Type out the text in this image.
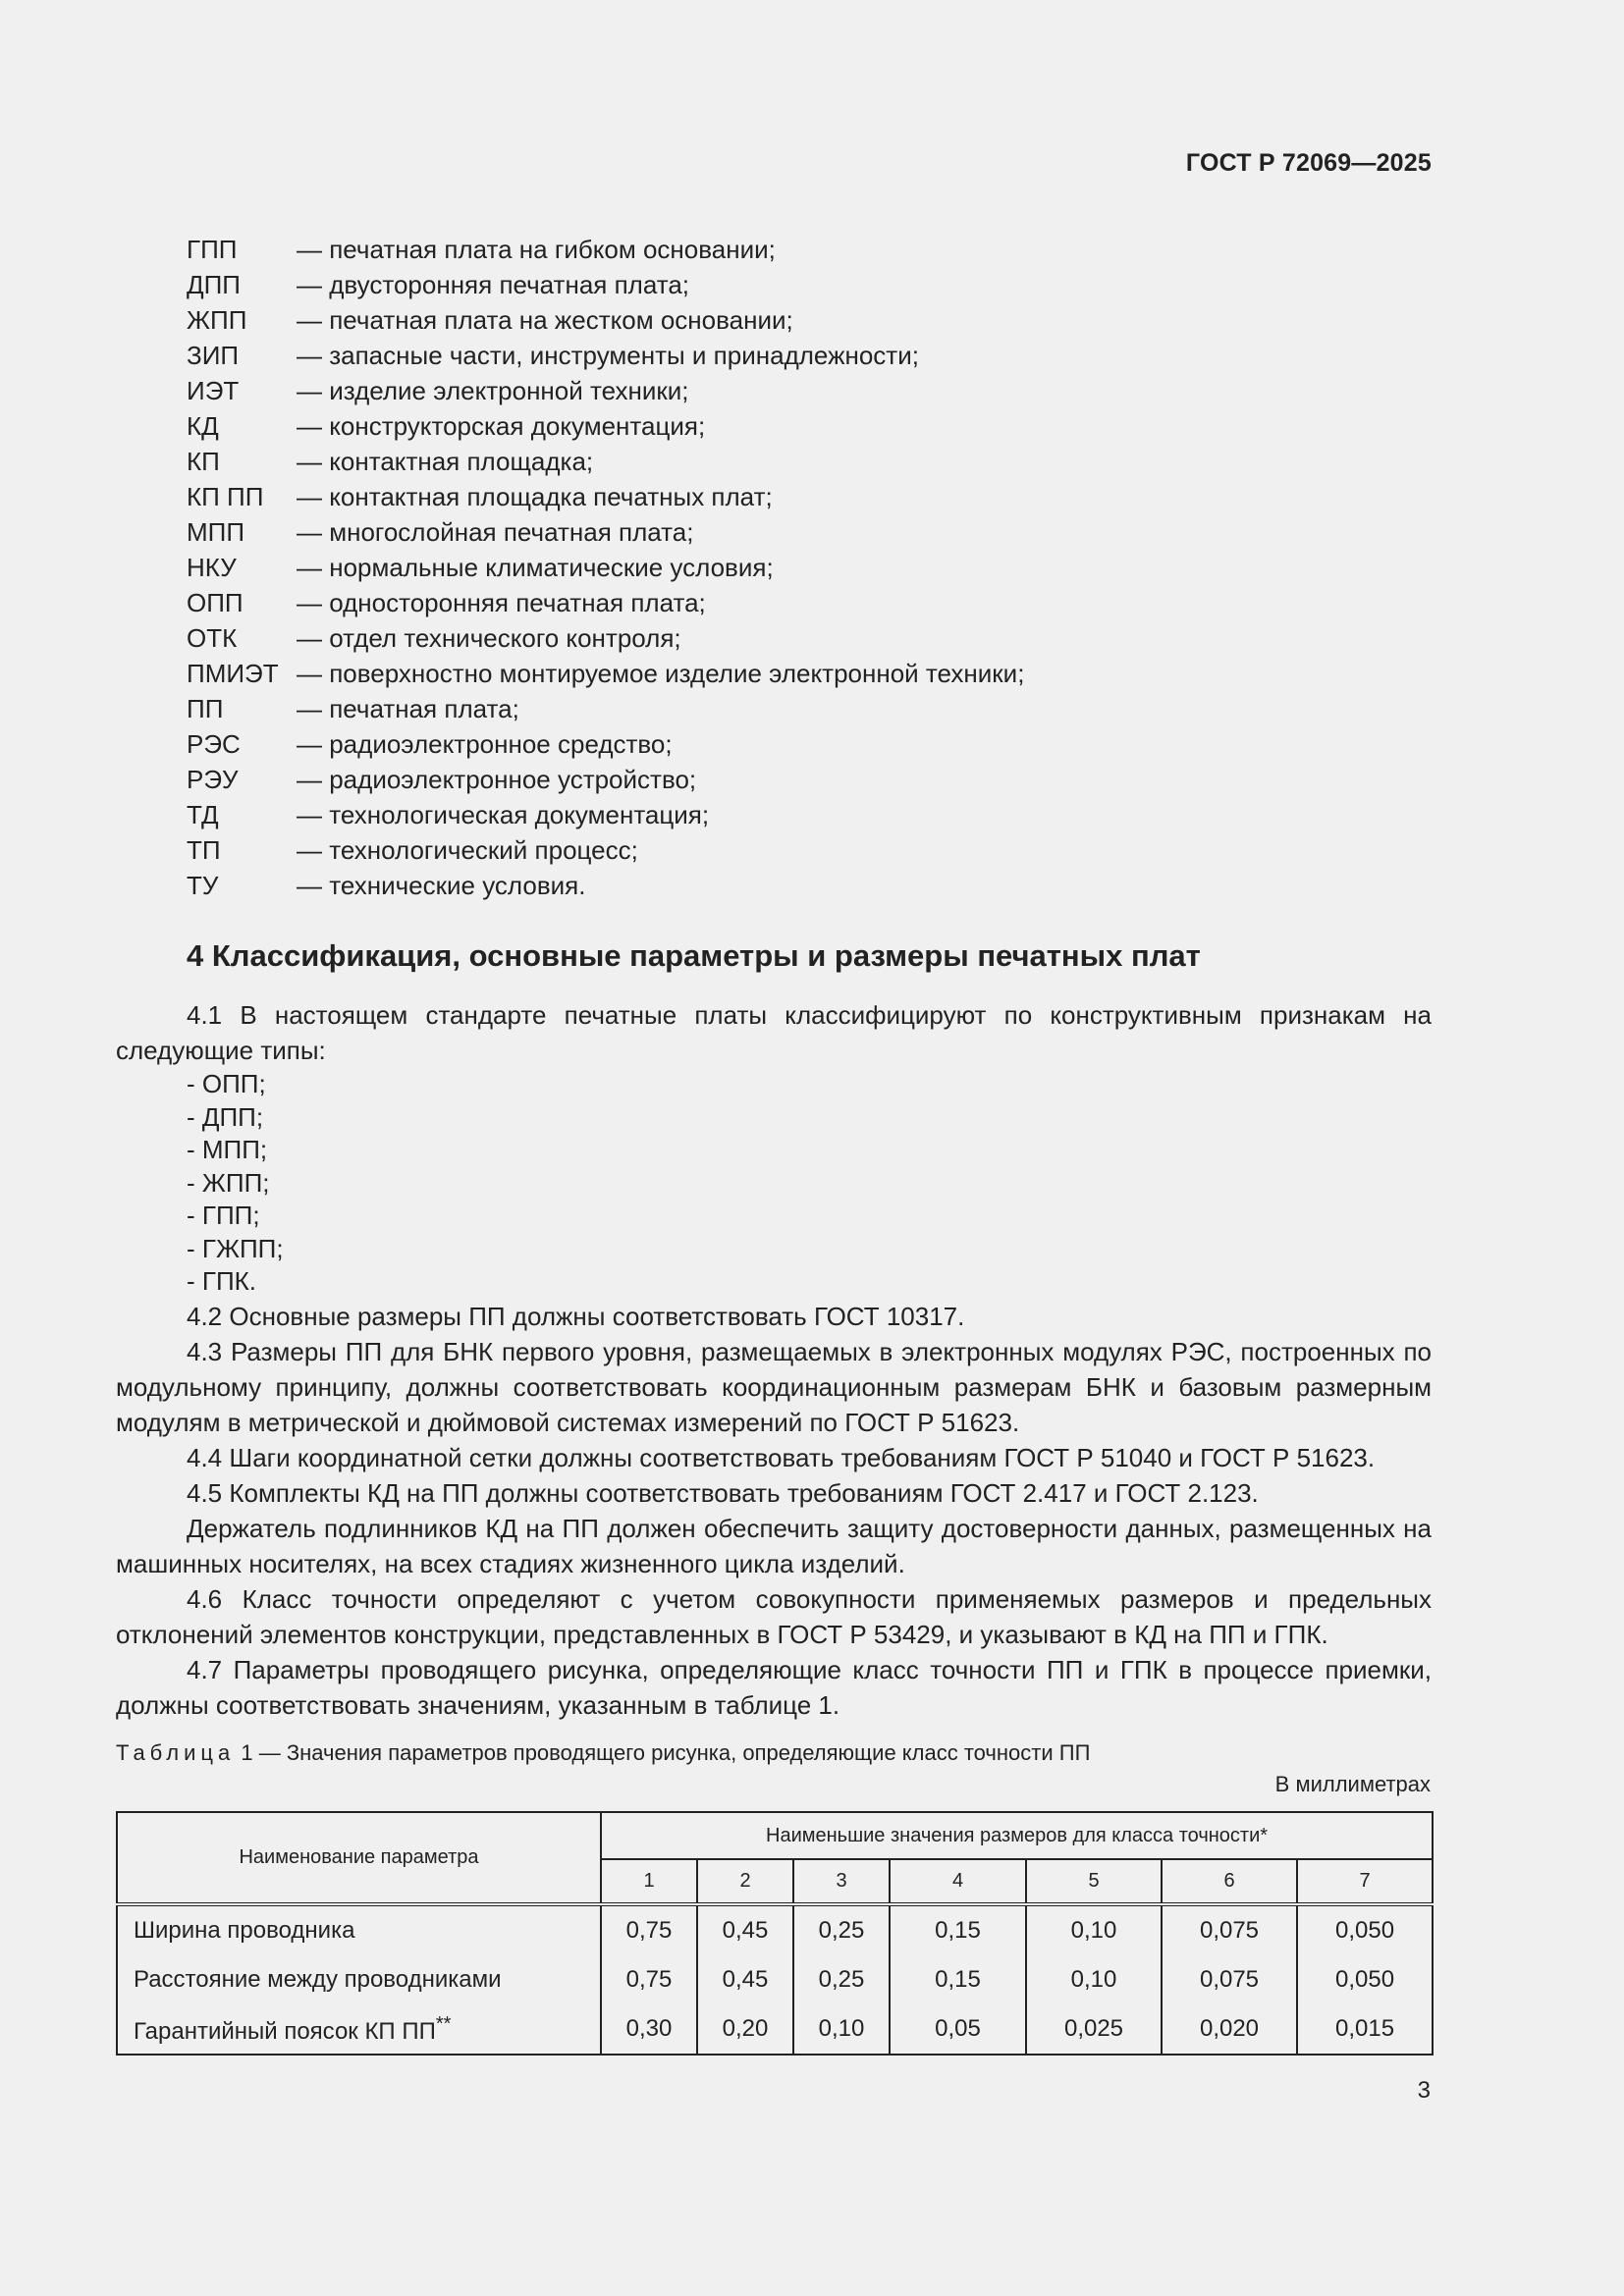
ГОСТ Р 72069—2025
ГПП	— печатная плата на гибком основании;
ДПП	— двусторонняя печатная плата;
ЖПП	— печатная плата на жестком основании;
ЗИП	— запасные части, инструменты и принадлежности;
ИЭТ	— изделие электронной техники;
КД	— конструкторская документация;
КП	— контактная площадка;
КП ПП	— контактная площадка печатных плат;
МПП	— многослойная печатная плата;
НКУ	— нормальные климатические условия;
ОПП	— односторонняя печатная плата;
ОТК	— отдел технического контроля;
ПМИЭТ — поверхностно монтируемое изделие электронной техники;
ПП	— печатная плата;
РЭС	— радиоэлектронное средство;
РЭУ	— радиоэлектронное устройство;
ТД	— технологическая документация;
ТП	— технологический процесс;
ТУ	— технические условия.
4 Классификация, основные параметры и размеры печатных плат

4.1 В настоящем стандарте печатные платы классифицируют по конструктивным признакам на следующие типы:

- ОПП;

- ДПП;

- МПП;

- ЖПП;

- ГПП;

- ГЖПП;

- ГПК.

4.2 Основные размеры ПП должны соответствовать ГОСТ 10317.

4.3 Размеры ПП для БНК первого уровня, размещаемых в электронных модулях РЭС, построенных по модульному принципу, должны соответствовать координационным размерам БНК и базовым размерным модулям в метрической и дюймовой системах измерений по ГОСТ Р 51623.

4.4 Шаги координатной сетки должны соответствовать требованиям ГОСТ Р 51040 и ГОСТ Р 51623.

4.5 Комплекты КД на ПП должны соответствовать требованиям ГОСТ 2.417 и ГОСТ 2.123.

Держатель подлинников КД на ПП должен обеспечить защиту достоверности данных, размещенных на машинных носителях, на всех стадиях жизненного цикла изделий.

4.6 Класс точности определяют с учетом совокупности применяемых размеров и предельных отклонений элементов конструкции, представленных в ГОСТ Р 53429, и указывают в КД на ПП и ГПК.

4.7 Параметры проводящего рисунка, определяющие класс точности ПП и ГПК в процессе приемки, должны соответствовать значениям, указанным в таблице 1.

Таблица 1 — Значения параметров проводящего рисунка, определяющие класс точности ПП
В миллиметрах
Наименование параметра	Наименьшие значения размеров для класса точности*						
	1	2	3	4	5	6	7
Ширина проводника	0,75	0,45	0,25	0,15	0,10	0,075	0,050
Расстояние между проводниками	0,75	0,45	0,25	0,15	0,10	0,075	0,050
Гарантийный поясок КП ПП**	0,30	0,20	0,10	0,05	0,025	0,020	0,015
3
